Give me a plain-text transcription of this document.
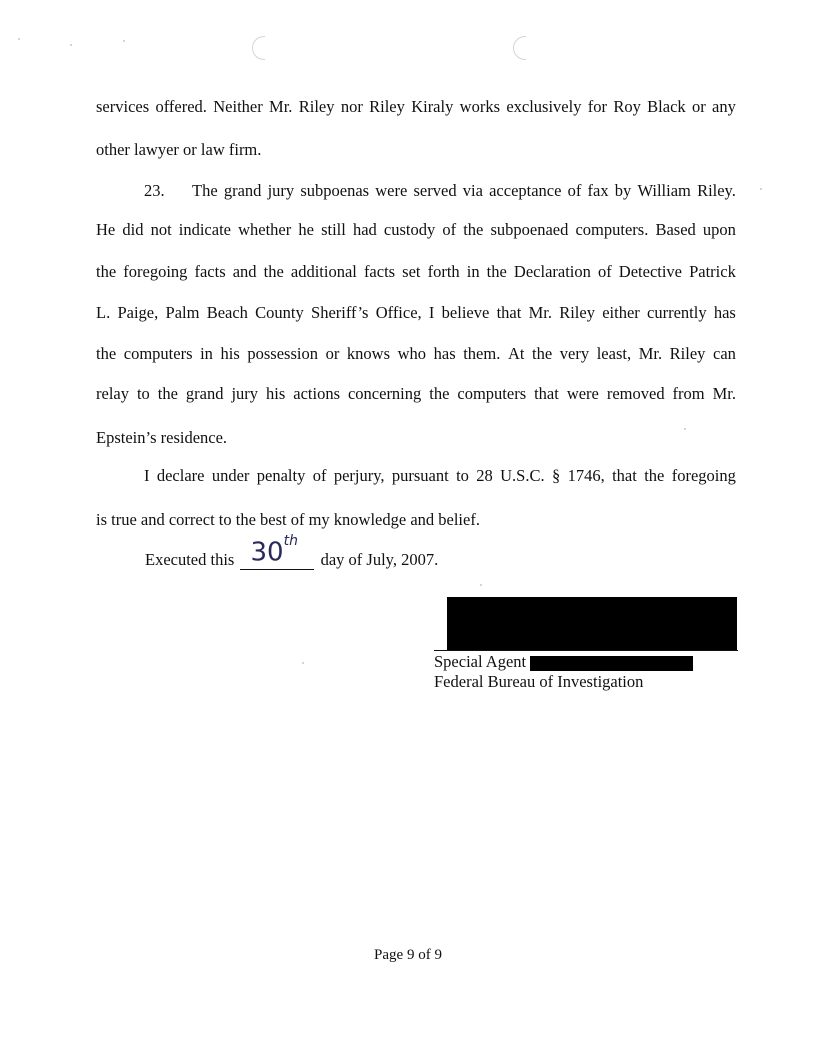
services offered. Neither Mr. Riley nor Riley Kiraly works exclusively for Roy Black or any
other lawyer or law firm.
23.	The grand jury subpoenas were served via acceptance of fax by William Riley.
He did not indicate whether he still had custody of the subpoenaed computers. Based upon
the foregoing facts and the additional facts set forth in the Declaration of Detective Patrick
L. Paige, Palm Beach County Sheriff’s Office, I believe that Mr. Riley either currently has
the computers in his possession or knows who has them. At the very least, Mr. Riley can
relay to the grand jury his actions concerning the computers that were removed from Mr.
Epstein’s residence.
I declare under penalty of perjury, pursuant to 28 U.S.C. § 1746, that the foregoing
is true and correct to the best of my knowledge and belief.
Executed this 30th
day of July, 2007.
Special Agent
Federal Bureau of Investigation
Page 9 of 9
